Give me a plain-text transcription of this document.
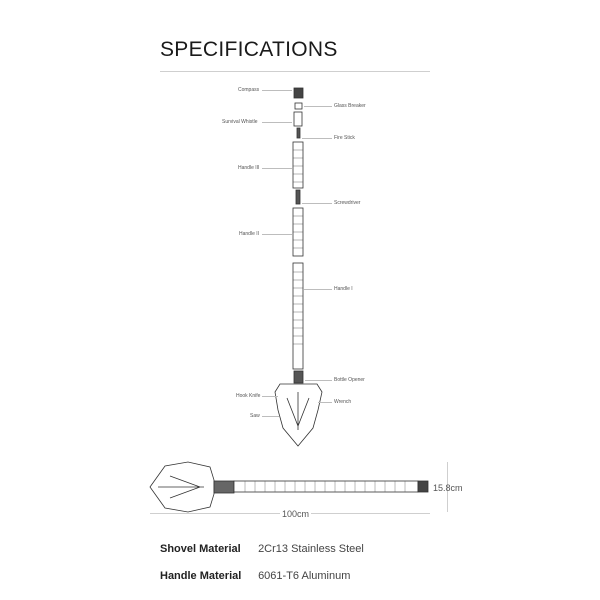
SPECIFICATIONS
Compass
Survival Whistle
Handle III
Handle II
Hook Knife
Saw
Glass Breaker
Fire Stick
Screwdriver
Handle I
Bottle Opener
Wrench
15.8cm
100cm
Shovel Material 2Cr13 Stainless Steel
Handle Material 6061-T6 Aluminum
